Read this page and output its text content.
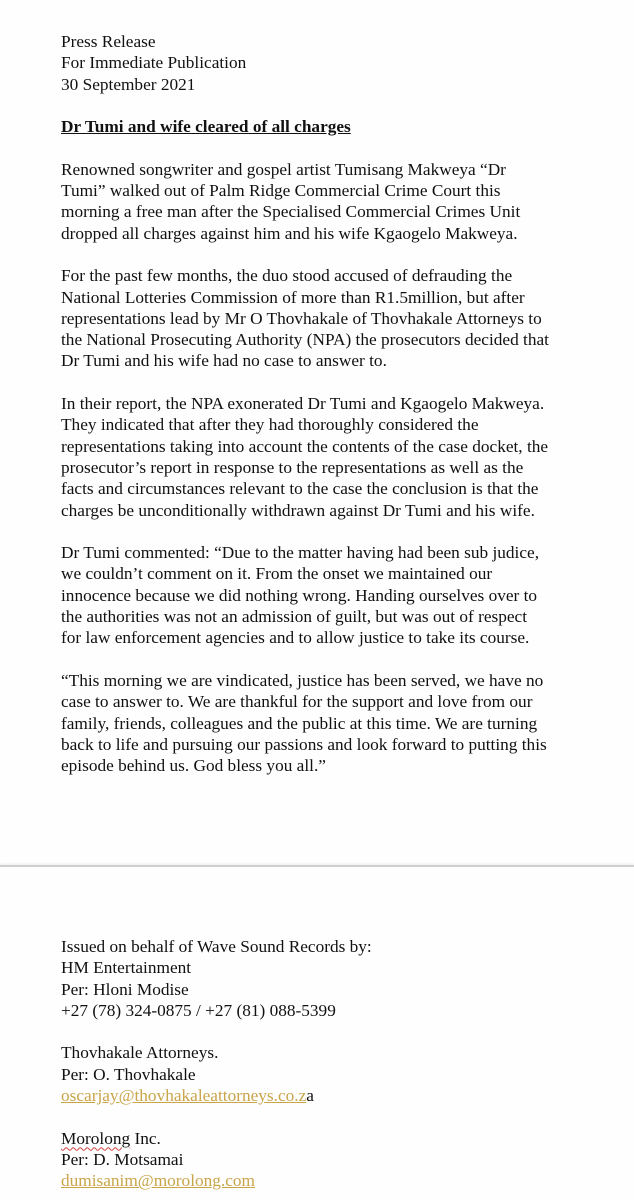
Press Release
For Immediate Publication
30 September 2021
Dr Tumi and wife cleared of all charges
Renowned songwriter and gospel artist Tumisang Makweya “Dr
Tumi” walked out of Palm Ridge Commercial Crime Court this
morning a free man after the Specialised Commercial Crimes Unit
dropped all charges against him and his wife Kgaogelo Makweya.
For the past few months, the duo stood accused of defrauding the
National Lotteries Commission of more than R1.5million, but after
representations lead by Mr O Thovhakale of Thovhakale Attorneys to
the National Prosecuting Authority (NPA) the prosecutors decided that
Dr Tumi and his wife had no case to answer to.
In their report, the NPA exonerated Dr Tumi and Kgaogelo Makweya.
They indicated that after they had thoroughly considered the
representations taking into account the contents of the case docket, the
prosecutor’s report in response to the representations as well as the
facts and circumstances relevant to the case the conclusion is that the
charges be unconditionally withdrawn against Dr Tumi and his wife.
Dr Tumi commented: “Due to the matter having had been sub judice,
we couldn’t comment on it. From the onset we maintained our
innocence because we did nothing wrong. Handing ourselves over to
the authorities was not an admission of guilt, but was out of respect
for law enforcement agencies and to allow justice to take its course.
“This morning we are vindicated, justice has been served, we have no
case to answer to. We are thankful for the support and love from our
family, friends, colleagues and the public at this time. We are turning
back to life and pursuing our passions and look forward to putting this
episode behind us. God bless you all.”
Issued on behalf of Wave Sound Records by:
HM Entertainment
Per: Hloni Modise
+27 (78) 324-0875 / +27 (81) 088-5399
Thovhakale Attorneys.
Per: O. Thovhakale
oscarjay@thovhakaleattorneys.co.za
Morolong Inc.
Per: D. Motsamai
dumisanim@morolong.com
